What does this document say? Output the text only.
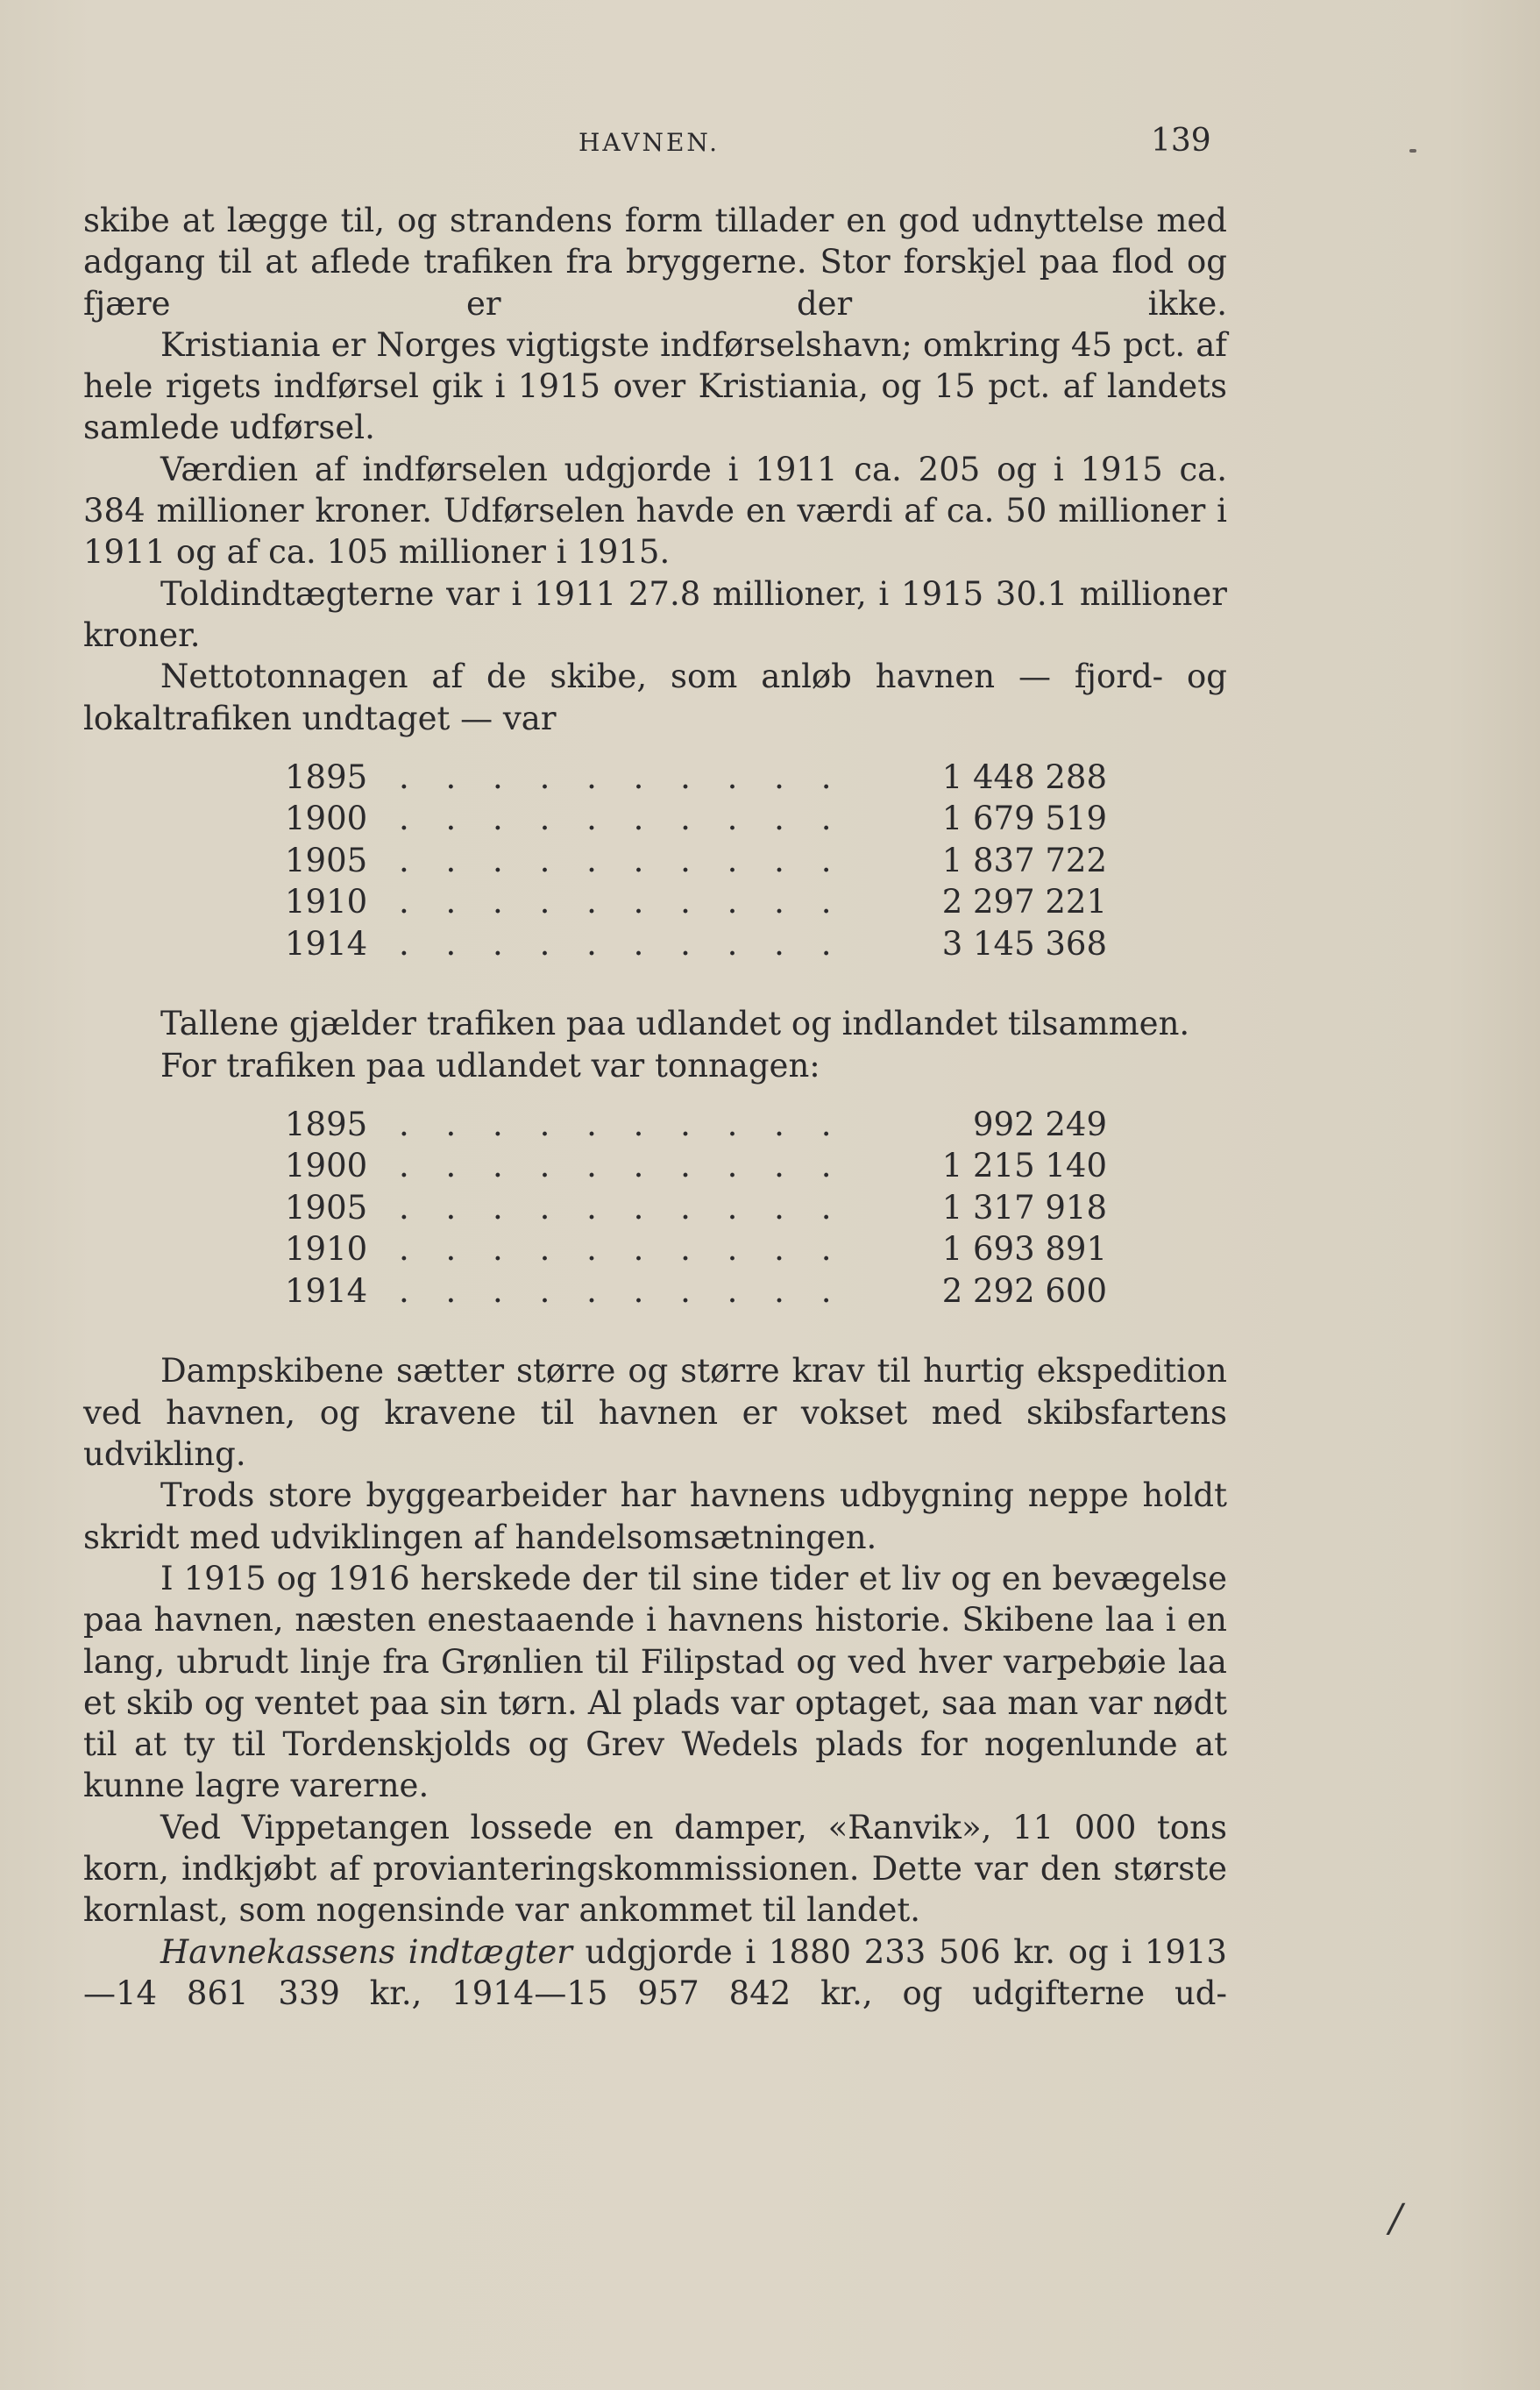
HAVNEN.	139

skibe at lægge til, og strandens form tillader en god udnyttelse med adgang til at aflede trafiken fra bryggerne. Stor forskjel paa flod og fjære er der ikke.

Kristiania er Norges vigtigste indførselshavn; omkring 45 pct. af hele rigets indførsel gik i 1915 over Kristiania, og 15 pct. af landets samlede udførsel.

Værdien af indførselen udgjorde i 1911 ca. 205 og i 1915 ca. 384 millioner kroner. Udførselen havde en værdi af ca. 50 millioner i 1911 og af ca. 105 millioner i 1915.

Toldindtægterne var i 1911 27.8 millioner, i 1915 30.1 millioner kroner.

Nettotonnagen af de skibe, som anløb havnen — fjord- og lokaltrafiken undtaget — var

1895 . . . . . . . . . .	1 448 288
1900 . . . . . . . . . .	1 679 519
1905 . . . . . . . . . .	1 837 722
1910 . . . . . . . . . .	2 297 221
1914 . . . . . . . . . .	3 145 368

Tallene gjælder trafiken paa udlandet og indlandet tilsammen.

For trafiken paa udlandet var tonnagen:

1895 . . . . . . . . . .	992 249
1900 . . . . . . . . . .	1 215 140
1905 . . . . . . . . . .	1 317 918
1910 . . . . . . . . . .	1 693 891
1914 . . . . . . . . . .	2 292 600

Dampskibene sætter større og større krav til hurtig ekspedition ved havnen, og kravene til havnen er vokset med skibsfartens udvikling.

Trods store byggearbeider har havnens udbygning neppe holdt skridt med udviklingen af handelsomsætningen.

I 1915 og 1916 herskede der til sine tider et liv og en bevægelse paa havnen, næsten enestaaende i havnens historie. Skibene laa i en lang, ubrudt linje fra Grønlien til Filipstad og ved hver varpebøie laa et skib og ventet paa sin tørn. Al plads var optaget, saa man var nødt til at ty til Tordenskjolds og Grev Wedels plads for nogenlunde at kunne lagre varerne.

Ved Vippetangen lossede en damper, «Ranvik», 11 000 tons korn, indkjøbt af provianteringskommissionen. Dette var den største kornlast, som nogensinde var ankommet til landet.

Havnekassens indtægter udgjorde i 1880 233 506 kr. og i 1913—14 861 339 kr., 1914—15 957 842 kr., og udgifterne ud-

/
